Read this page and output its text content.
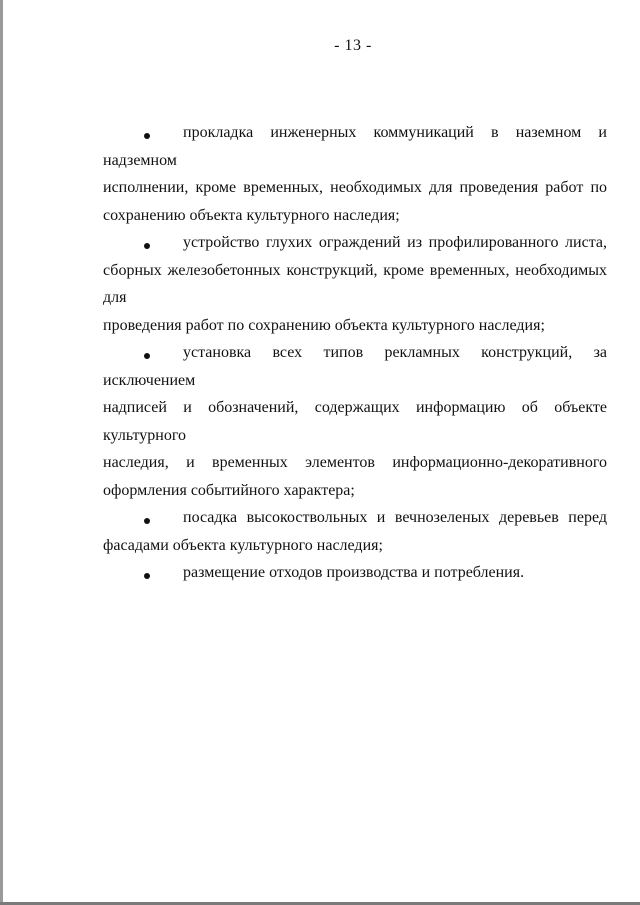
- 13 -
прокладка инженерных коммуникаций в наземном и надземном
исполнении, кроме временных, необходимых для проведения работ по
сохранению объекта культурного наследия;
устройство глухих ограждений из профилированного листа,
сборных железобетонных конструкций, кроме временных, необходимых для
проведения работ по сохранению объекта культурного наследия;
установка всех типов рекламных конструкций, за исключением
надписей и обозначений, содержащих информацию об объекте культурного
наследия, и временных элементов информационно-декоративного
оформления событийного характера;
посадка высокоствольных и вечнозеленых деревьев перед
фасадами объекта культурного наследия;
размещение отходов производства и потребления.
